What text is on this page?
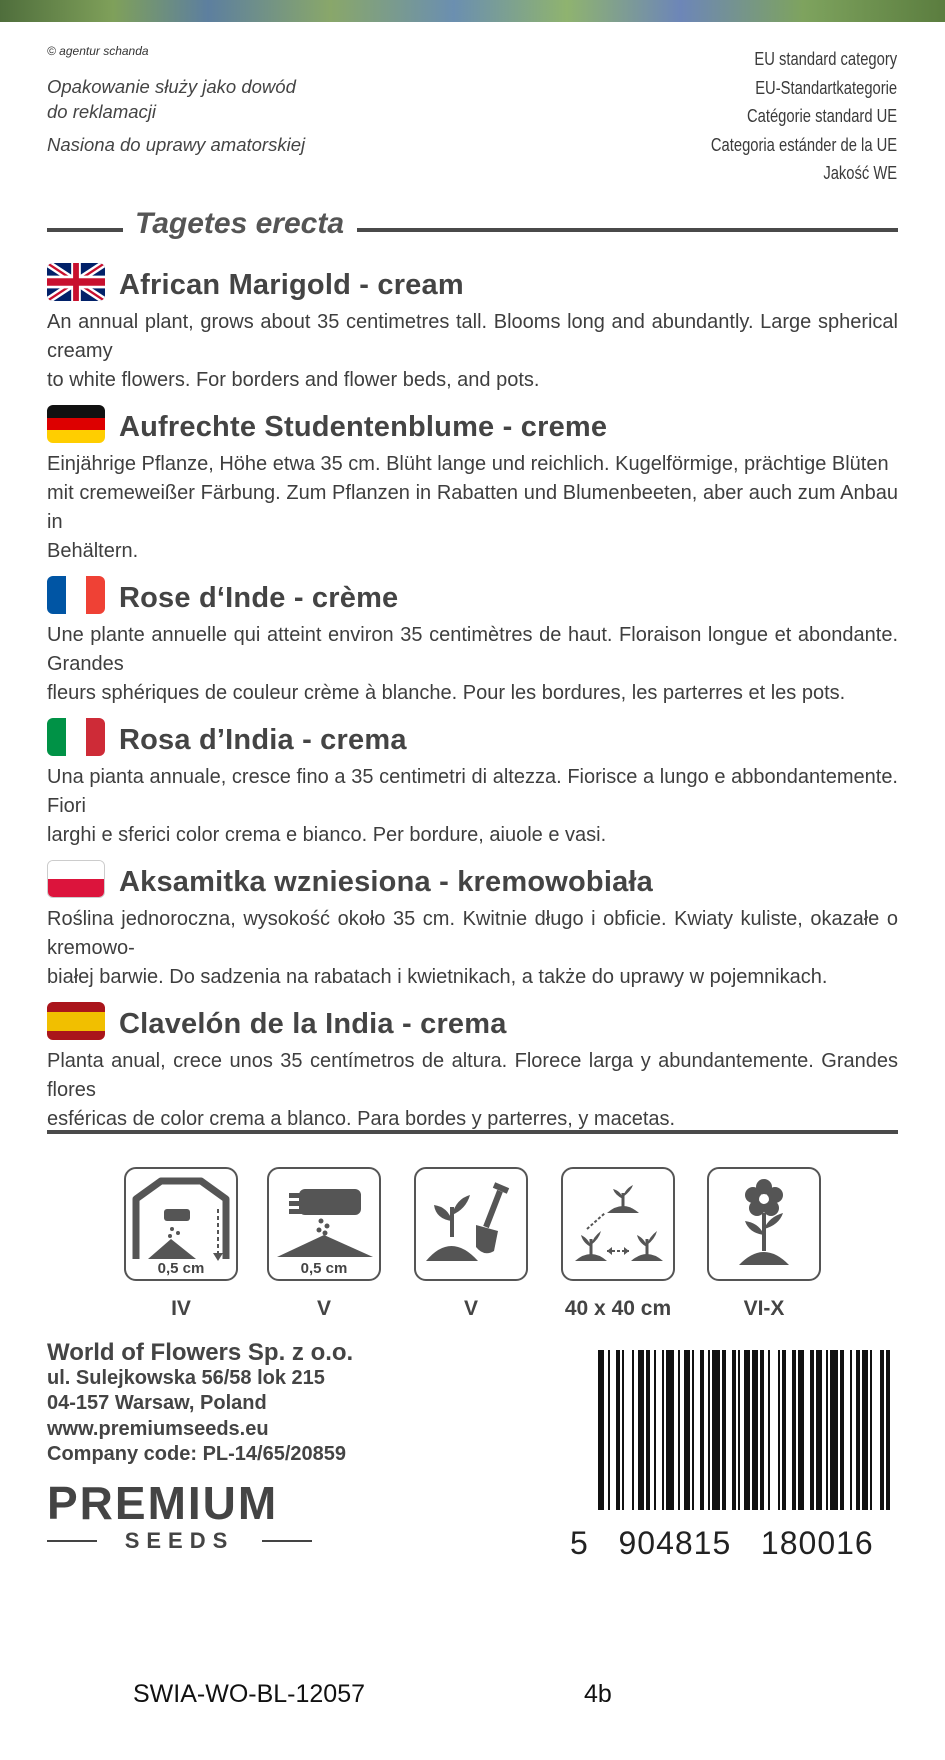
© agentur schanda

Opakowanie służy jako dowód do reklamacji

Nasiona do uprawy amatorskiej

EU standard category
EU-Standartkategorie
Catégorie standard UE
Categoria estánder de la UE
Jakość WE
Tagetes erecta
African Marigold - cream
An annual plant, grows about 35 centimetres tall. Blooms long and abundantly. Large spherical creamy
to white flowers. For borders and flower beds, and pots.
Aufrechte Studentenblume - creme
Einjährige Pflanze, Höhe etwa 35 cm. Blüht lange und reichlich. Kugelförmige, prächtige Blüten
mit cremeweißer Färbung. Zum Pflanzen in Rabatten und Blumenbeeten, aber auch zum Anbau in
Behältern.
Rose d‘Inde - crème
Une plante annuelle qui atteint environ 35 centimètres de haut. Floraison longue et abondante. Grandes
fleurs sphériques de couleur crème à blanche. Pour les bordures, les parterres et les pots.
Rosa d’India - crema
Una pianta annuale, cresce fino a 35 centimetri di altezza. Fiorisce a lungo e abbondantemente. Fiori
larghi e sferici color crema e bianco. Per bordure, aiuole e vasi.
Aksamitka wzniesiona - kremowobiała
Roślina jednoroczna, wysokość około 35 cm. Kwitnie długo i obficie. Kwiaty kuliste, okazałe o kremowo-
białej barwie. Do sadzenia na rabatach i kwietnikach, a także do uprawy w pojemnikach.
Clavelón de la India - crema
Planta anual, crece unos 35 centímetros de altura. Florece larga y abundantemente. Grandes flores
esféricas de color crema a blanco. Para bordes y parterres, y macetas.
0,5 cm	0,5 cm
IV	V	V	40 x 40 cm	VI-X
World of Flowers Sp. z o.o.
ul. Sulejkowska 56/58 lok 215
04-157 Warsaw, Poland
www.premiumseeds.eu
Company code: PL-14/65/20859
PREMIUM
SEEDS	5   904815   180016
SWIA-WO-BL-12057	4b
